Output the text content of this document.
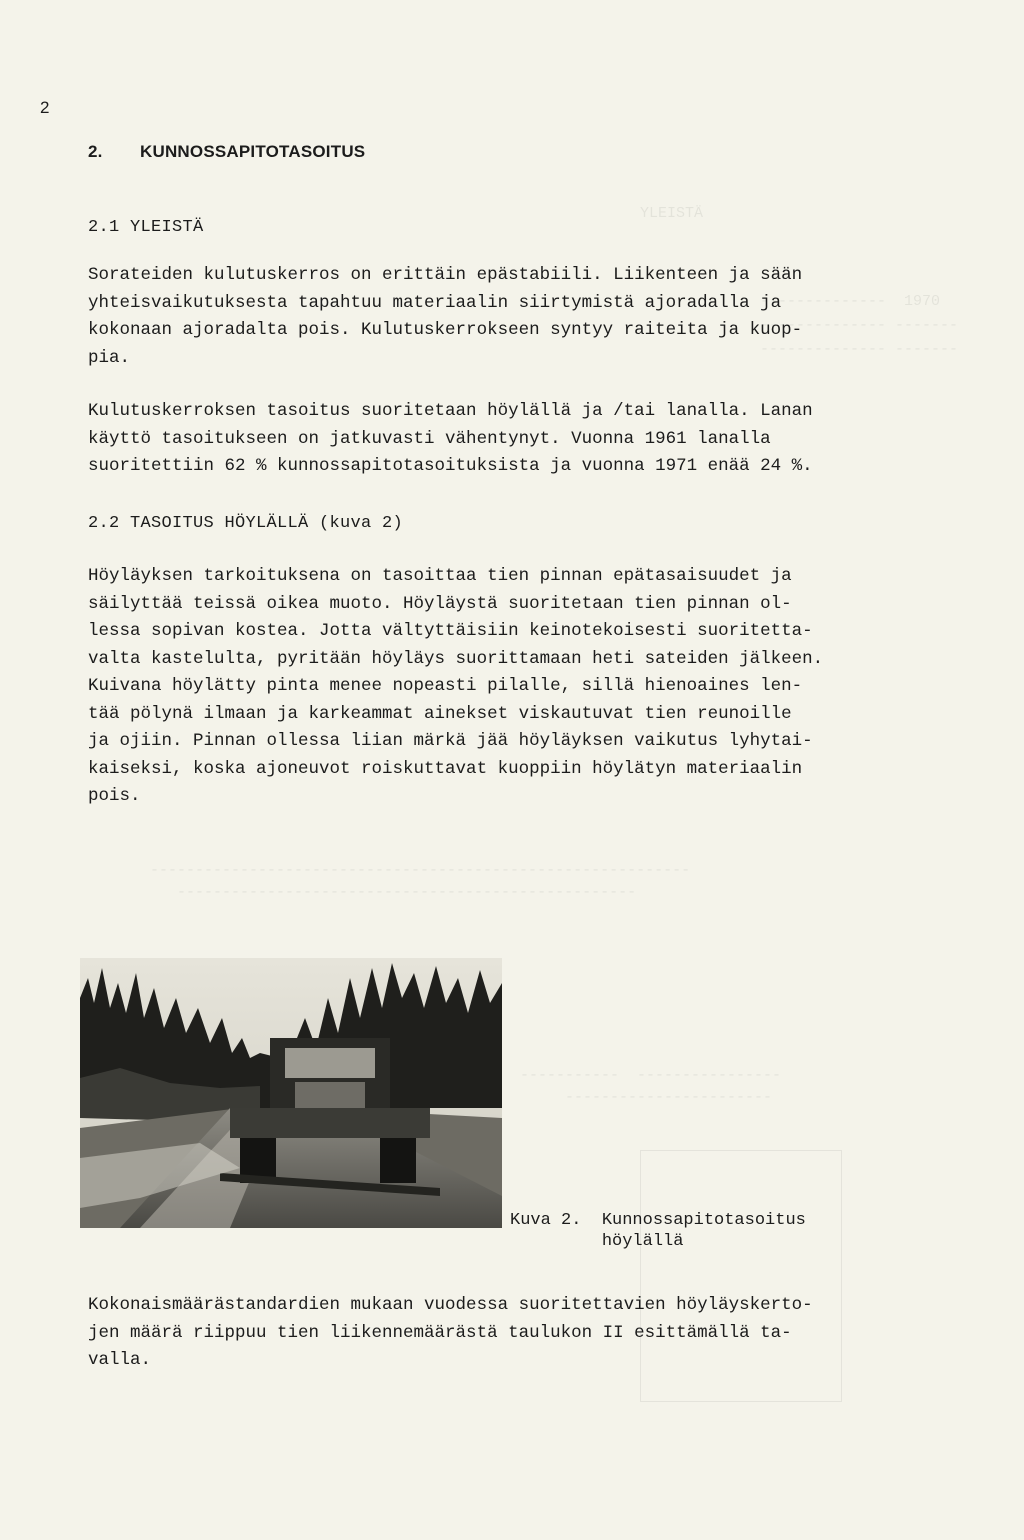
YLEISTÄ
--------------  1970
-------------- -------
-------------- -------
------------------------------------------------------------
---------------------------------------------------
-----------  ----------------
-----------------------
2
2. KUNNOSSAPITOTASOITUS
2.1 YLEISTÄ
Sorateiden kulutuskerros on erittäin epästabiili. Liikenteen ja sään
yhteisvaikutuksesta tapahtuu materiaalin siirtymistä ajoradalla ja
kokonaan ajoradalta pois. Kulutuskerrokseen syntyy raiteita ja kuop-
pia.
Kulutuskerroksen tasoitus suoritetaan höylällä ja /tai lanalla. Lanan
käyttö tasoitukseen on jatkuvasti vähentynyt. Vuonna 1961 lanalla
suoritettiin 62 % kunnossapitotasoituksista ja vuonna 1971 enää 24 %.
2.2 TASOITUS HÖYLÄLLÄ (kuva 2)
Höyläyksen tarkoituksena on tasoittaa tien pinnan epätasaisuudet ja
säilyttää teissä oikea muoto. Höyläystä suoritetaan tien pinnan ol-
lessa sopivan kostea. Jotta vältyttäisiin keinotekoisesti suoritetta-
valta kastelulta, pyritään höyläys suorittamaan heti sateiden jälkeen.
Kuivana höylätty pinta menee nopeasti pilalle, sillä hienoaines len-
tää pölynä ilmaan ja karkeammat ainekset viskautuvat tien reunoille
ja ojiin. Pinnan ollessa liian märkä jää höyläyksen vaikutus lyhytai-
kaiseksi, koska ajoneuvot roiskuttavat kuoppiin höylätyn materiaalin
pois.
Kuva 2.  Kunnossapitotasoitus
höylällä
Kokonaismäärästandardien mukaan vuodessa suoritettavien höyläyskerto-
jen määrä riippuu tien liikennemäärästä taulukon II esittämällä ta-
valla.
